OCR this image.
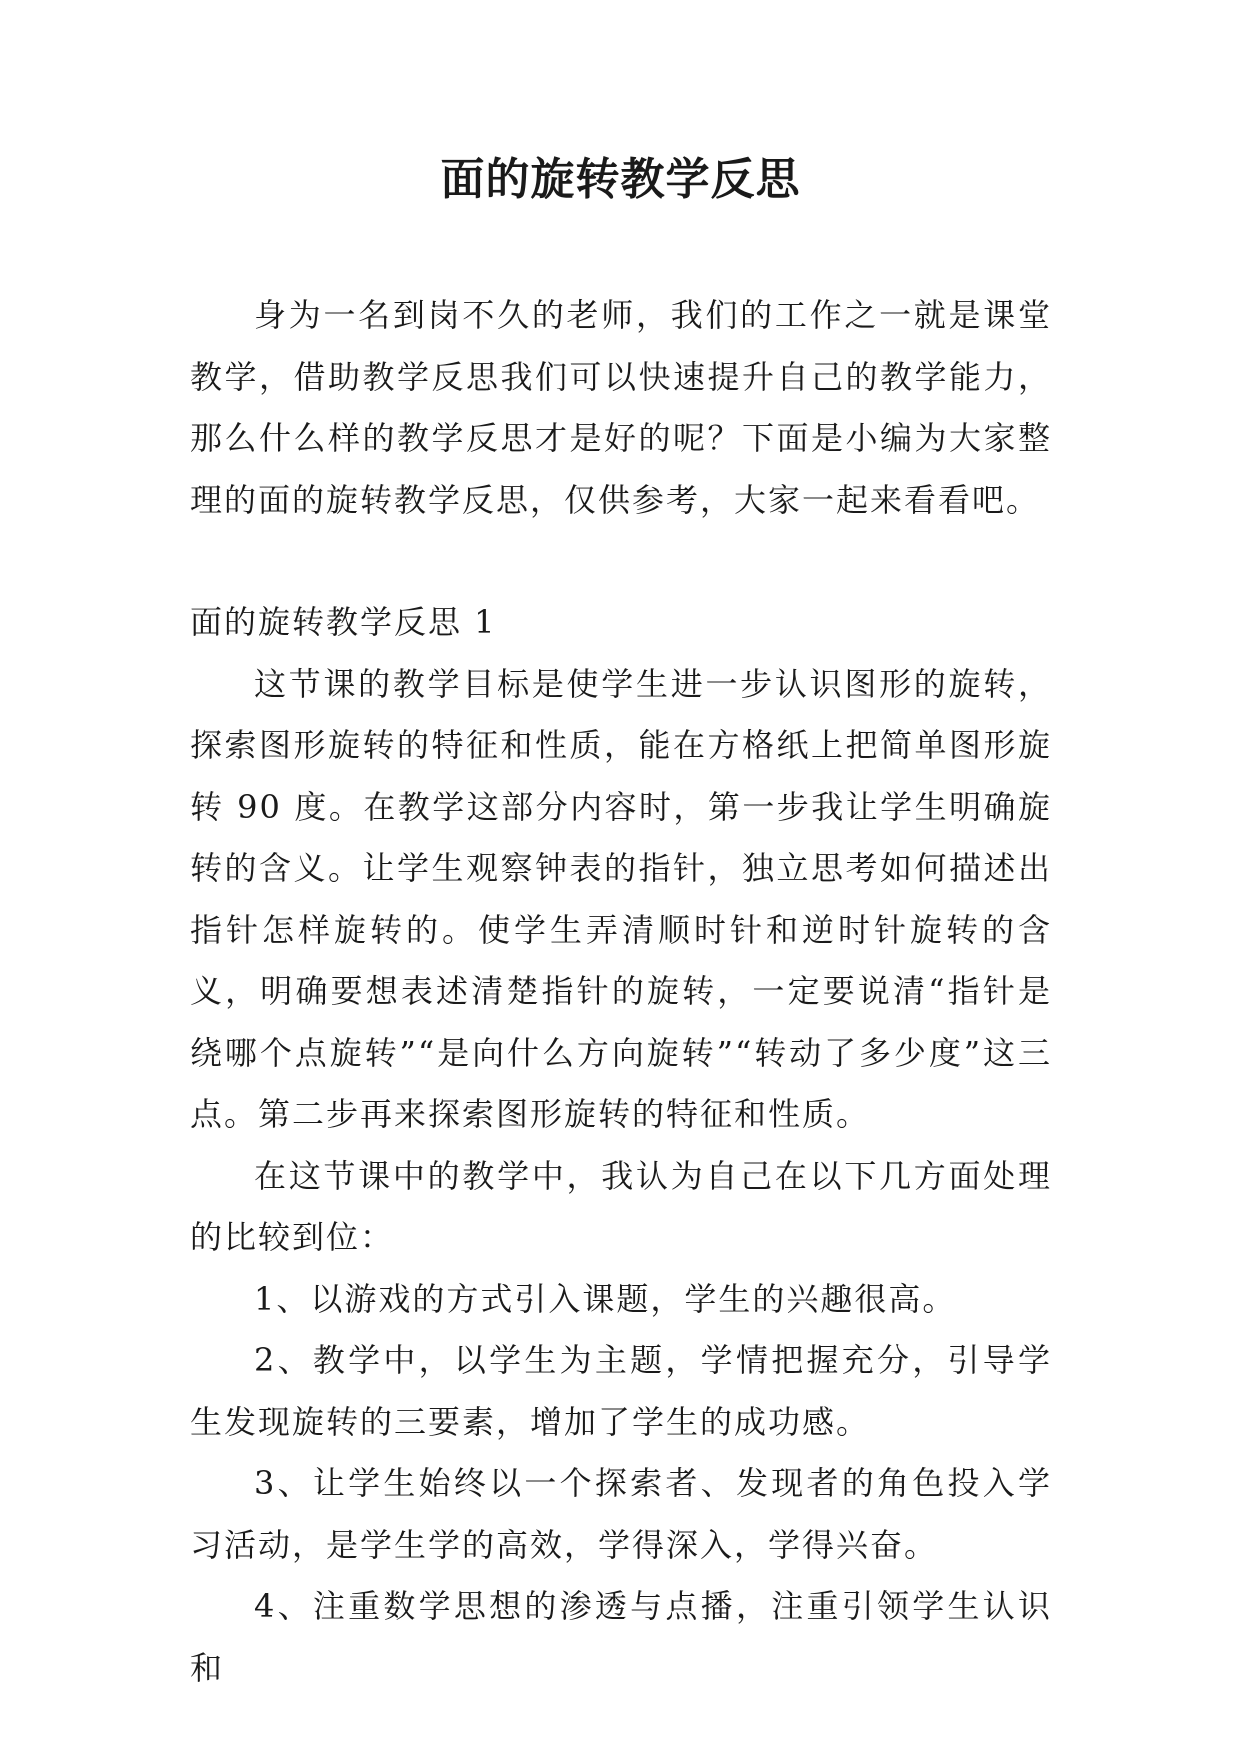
面的旋转教学反思

身为一名到岗不久的老师，我们的工作之一就是课堂教学，借助教学反思我们可以快速提升自己的教学能力，那么什么样的教学反思才是好的呢？下面是小编为大家整理的面的旋转教学反思，仅供参考，大家一起来看看吧。

面的旋转教学反思 1

这节课的教学目标是使学生进一步认识图形的旋转，探索图形旋转的特征和性质，能在方格纸上把简单图形旋转 90 度。在教学这部分内容时，第一步我让学生明确旋转的含义。让学生观察钟表的指针，独立思考如何描述出指针怎样旋转的。使学生弄清顺时针和逆时针旋转的含义，明确要想表述清楚指针的旋转，一定要说清“指针是绕哪个点旋转”“是向什么方向旋转”“转动了多少度”这三点。第二步再来探索图形旋转的特征和性质。

在这节课中的教学中，我认为自己在以下几方面处理的比较到位：

1、以游戏的方式引入课题，学生的兴趣很高。

2、教学中，以学生为主题，学情把握充分，引导学生发现旋转的三要素，增加了学生的成功感。

3、让学生始终以一个探索者、发现者的角色投入学习活动，是学生学的高效，学得深入，学得兴奋。

4、注重数学思想的渗透与点播，注重引领学生认识和
